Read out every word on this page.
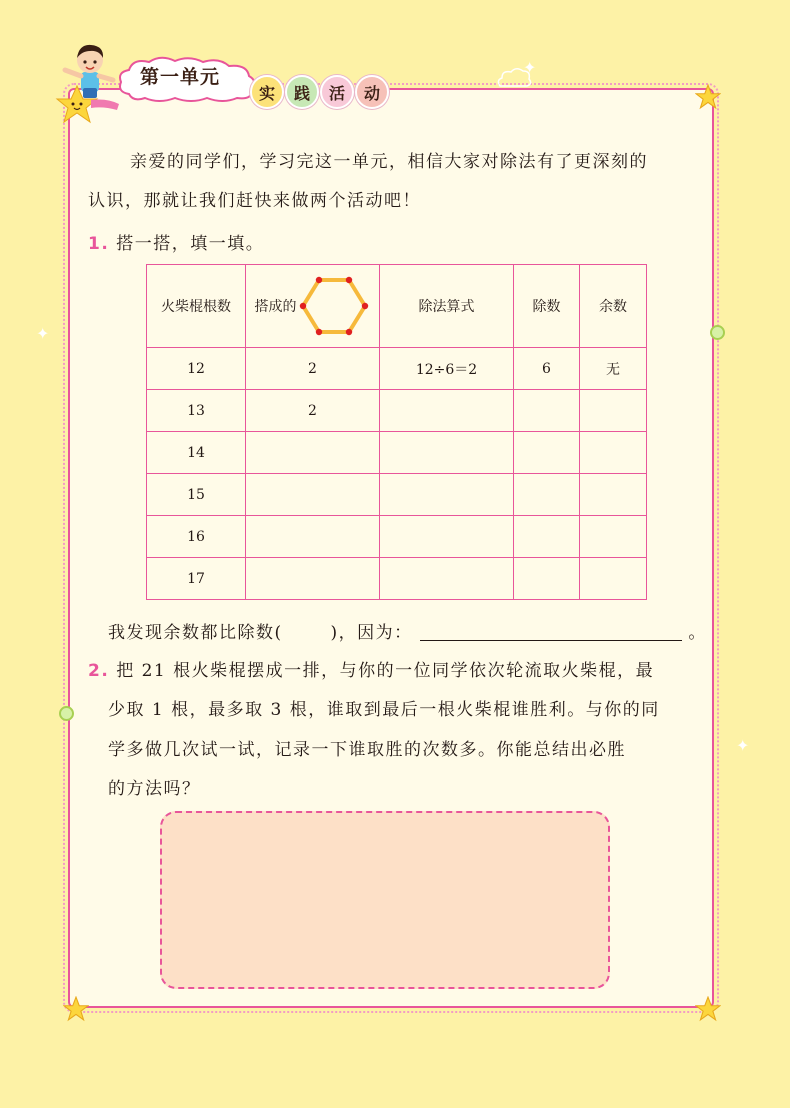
✦
✦
✦
第一单元
实	践	活	动
亲爱的同学们，学习完这一单元，相信大家对除法有了更深刻的
认识，那就让我们赶快来做两个活动吧！
1. 搭一搭，填一填。
火柴棍根数	搭成的	除法算式	除数	余数
12	2	12÷6＝2	6	无
13	2			
14				
15				
16				
17				
我发现余数都比除数(	)，因为：	。
2. 把 21 根火柴棍摆成一排，与你的一位同学依次轮流取火柴棍，最
少取 1 根，最多取 3 根，谁取到最后一根火柴棍谁胜利。与你的同
学多做几次试一试，记录一下谁取胜的次数多。你能总结出必胜
的方法吗？
